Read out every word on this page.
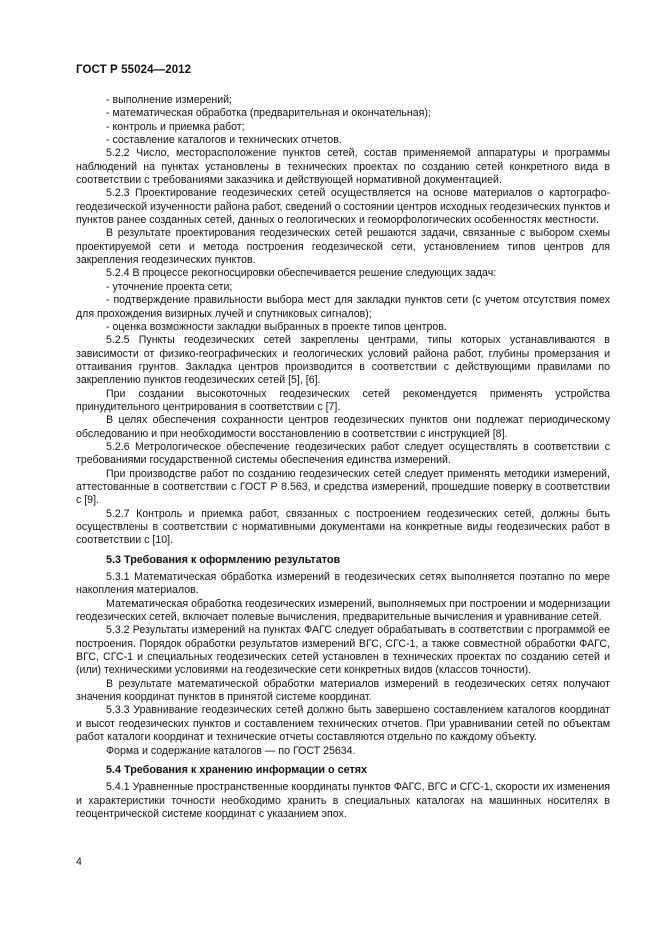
ГОСТ Р 55024—2012

- выполнение измерений;

- математическая обработка (предварительная и окончательная);

- контроль и приемка работ;

- составление каталогов и технических отчетов.

5.2.2 Число, месторасположение пунктов сетей, состав применяемой аппаратуры и программы наблюдений на пунктах установлены в технических проектах по созданию сетей конкретного вида в соответствии с требованиями заказчика и действующей нормативной документацией.

5.2.3 Проектирование геодезических сетей осуществляется на основе материалов о картографо-геодезической изученности района работ, сведений о состоянии центров исходных геодезических пунктов и пунктов ранее созданных сетей, данных о геологических и геоморфологических особенностях местности.

В результате проектирования геодезических сетей решаются задачи, связанные с выбором схемы проектируемой сети и метода построения геодезической сети, установлением типов центров для закрепления геодезических пунктов.

5.2.4 В процессе рекогносцировки обеспечивается решение следующих задач:

- уточнение проекта сети;

- подтверждение правильности выбора мест для закладки пунктов сети (с учетом отсутствия помех для прохождения визирных лучей и спутниковых сигналов);

- оценка возможности закладки выбранных в проекте типов центров.

5.2.5 Пункты геодезических сетей закреплены центрами, типы которых устанавливаются в зависимости от физико-географических и геологических условий района работ, глубины промерзания и оттаивания грунтов. Закладка центров производится в соответствии с действующими правилами по закреплению пунктов геодезических сетей [5], [6].

При создании высокоточных геодезических сетей рекомендуется применять устройства принудительного центрирования в соответствии с [7].

В целях обеспечения сохранности центров геодезических пунктов они подлежат периодическому обследованию и при необходимости восстановлению в соответствии с инструкцией [8].

5.2.6 Метрологическое обеспечение геодезических работ следует осуществлять в соответствии с требованиями государственной системы обеспечения единства измерений.

При производстве работ по созданию геодезических сетей следует применять методики измерений, аттестованные в соответствии с ГОСТ Р 8.563, и средства измерений, прошедшие поверку в соответствии с [9].

5.2.7 Контроль и приемка работ, связанных с построением геодезических сетей, должны быть осуществлены в соответствии с нормативными документами на конкретные виды геодезических работ в соответствии с [10].

5.3 Требования к оформлению результатов

5.3.1 Математическая обработка измерений в геодезических сетях выполняется поэтапно по мере накопления материалов.

Математическая обработка геодезических измерений, выполняемых при построении и модернизации геодезических сетей, включает полевые вычисления, предварительные вычисления и уравнивание сетей.

5.3.2 Результаты измерений на пунктах ФАГС следует обрабатывать в соответствии с программой ее построения. Порядок обработки результатов измерений ВГС, СГС-1, а также совместной обработки ФАГС, ВГС, СГС-1 и специальных геодезических сетей установлен в технических проектах по созданию сетей и (или) техническими условиями на геодезические сети конкретных видов (классов точности).

В результате математической обработки материалов измерений в геодезических сетях получают значения координат пунктов в принятой системе координат.

5.3.3 Уравнивание геодезических сетей должно быть завершено составлением каталогов координат и высот геодезических пунктов и составлением технических отчетов. При уравнивании сетей по объектам работ каталоги координат и технические отчеты составляются отдельно по каждому объекту.

Форма и содержание каталогов — по ГОСТ 25634.

5.4 Требования к хранению информации о сетях

5.4.1 Уравненные пространственные координаты пунктов ФАГС, ВГС и СГС-1, скорости их изменения и характеристики точности необходимо хранить в специальных каталогах на машинных носителях в геоцентрической системе координат с указанием эпох.

4
